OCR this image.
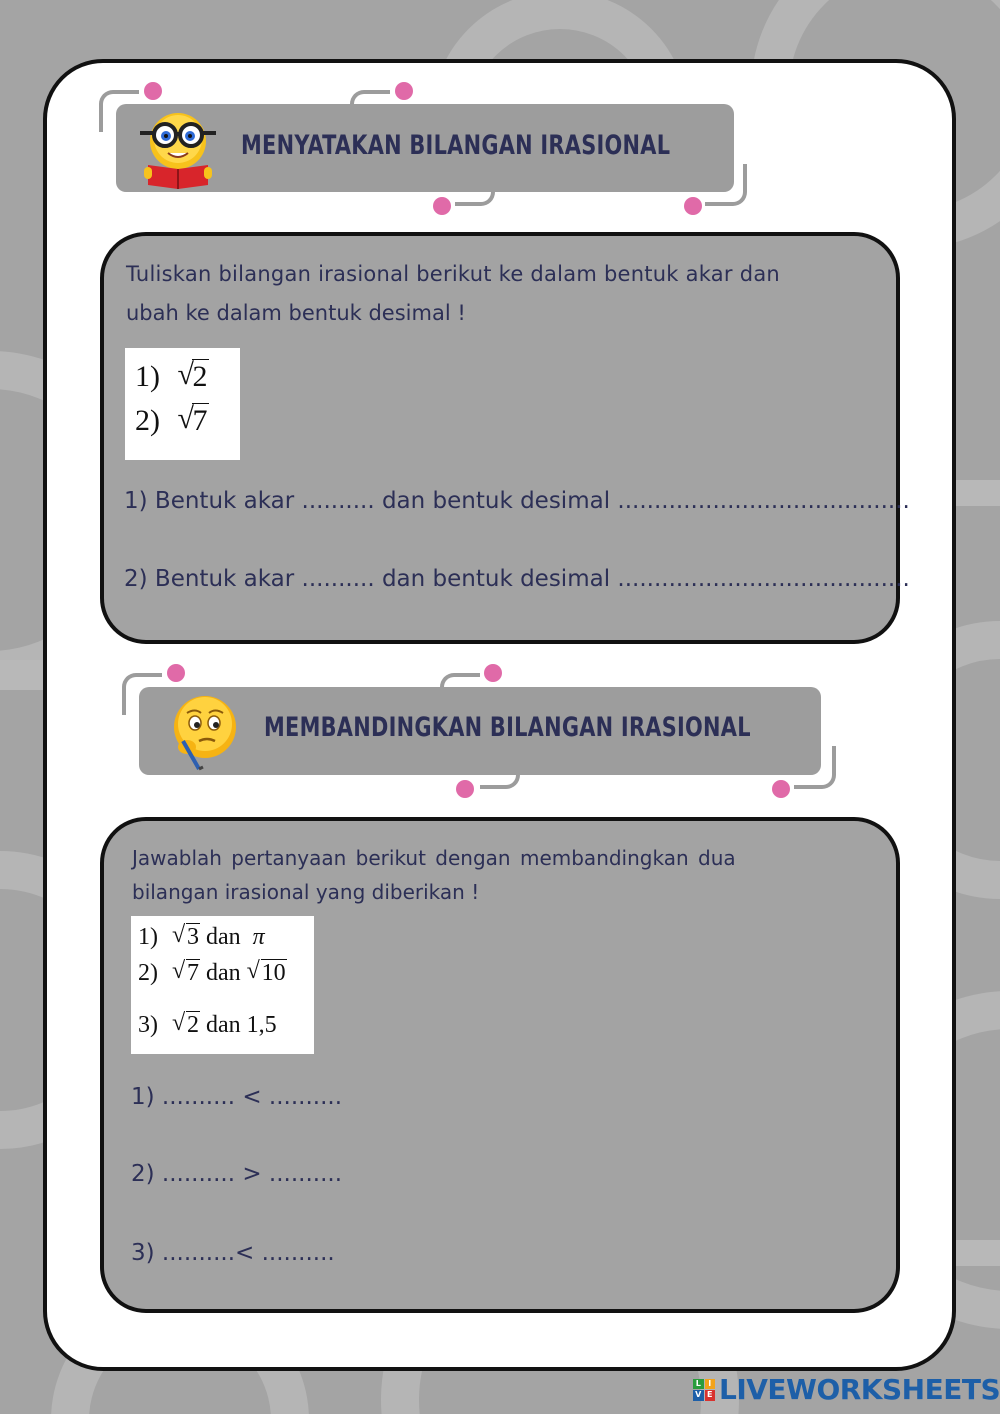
MENYATAKAN BILANGAN IRASIONAL
Tuliskan bilangan irasional berikut ke dalam bentuk akar dan
ubah ke dalam bentuk desimal !
1) √
2
2) √
7
1) Bentuk akar .......... dan bentuk desimal ........................................
2) Bentuk akar .......... dan bentuk desimal ........................................
MEMBANDINGKAN BILANGAN IRASIONAL
Jawablah pertanyaan berikut dengan membandingkan dua
bilangan irasional yang diberikan !
1) √ 3 dan π
2) √ 7 dan √ 10
3) √ 2 dan 1,5
1) .......... < ..........
2) .......... > ..........
3) ..........< ..........
L I
V E LIVEWORKSHEETS
